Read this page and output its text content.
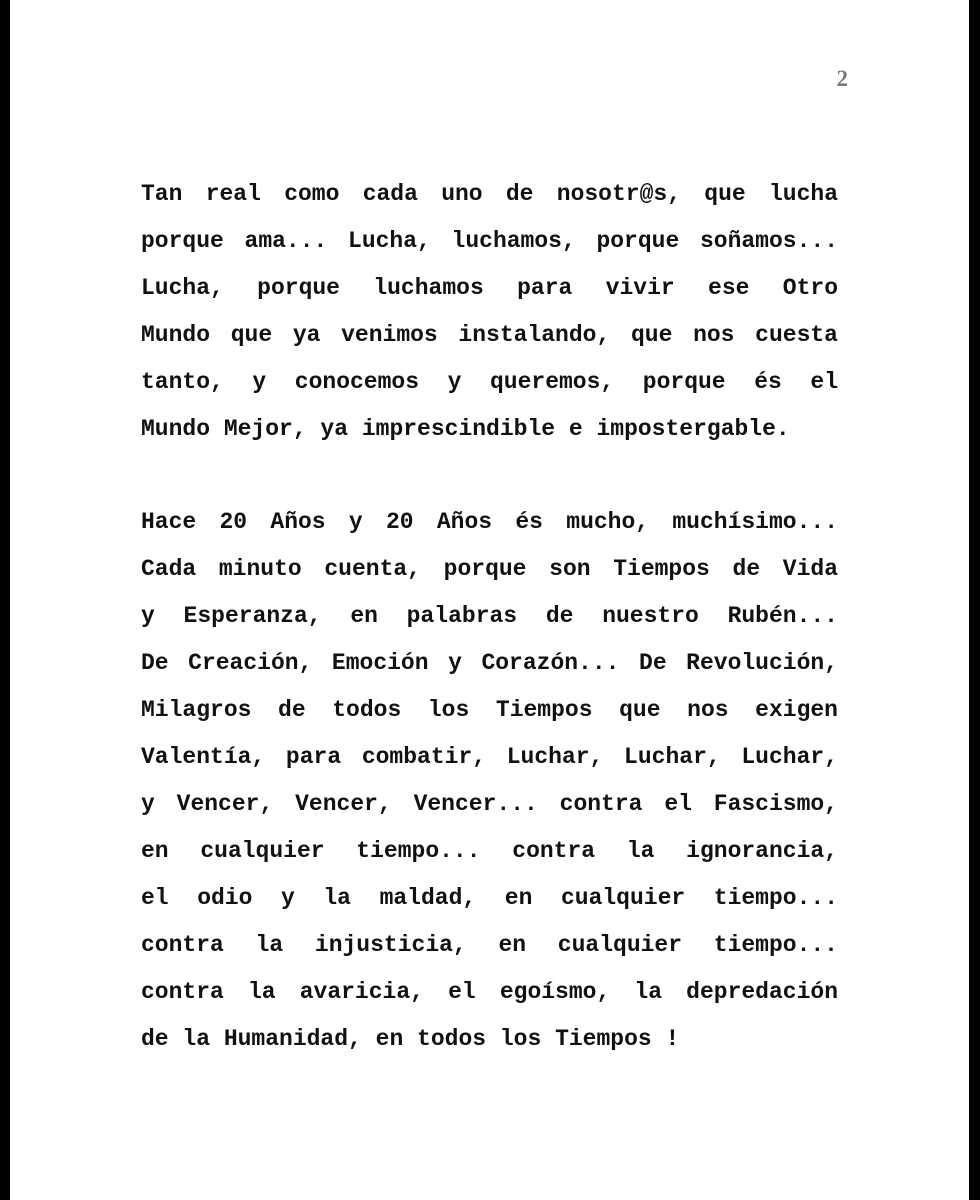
2
Tan real como cada uno de nosotr@s, que lucha
porque ama... Lucha, luchamos, porque soñamos...
Lucha, porque luchamos para vivir ese Otro
Mundo que ya venimos instalando, que nos cuesta
tanto, y conocemos y queremos, porque és el
Mundo Mejor, ya imprescindible e impostergable.
Hace 20 Años y 20 Años és mucho, muchísimo...
Cada minuto cuenta, porque son Tiempos de Vida
y Esperanza, en palabras de nuestro Rubén...
De Creación, Emoción y Corazón... De Revolución,
Milagros de todos los Tiempos que nos exigen
Valentía, para combatir, Luchar, Luchar, Luchar,
y Vencer, Vencer, Vencer... contra el Fascismo,
en cualquier tiempo... contra la ignorancia,
el odio y la maldad, en cualquier tiempo...
contra la injusticia, en cualquier tiempo...
contra la avaricia, el egoísmo, la depredación
de la Humanidad, en todos los Tiempos !
